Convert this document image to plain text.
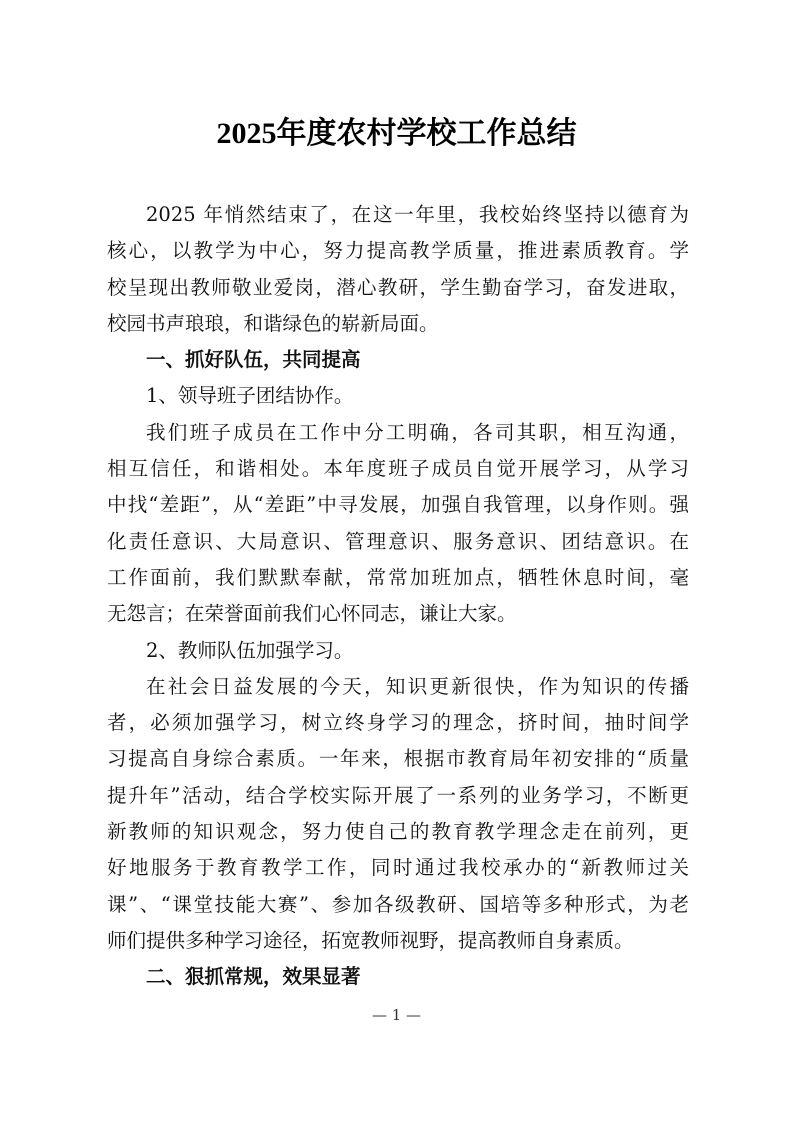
2025年度农村学校工作总结
2025 年悄然结束了，在这一年里，我校始终坚持以德育为
核心，以教学为中心，努力提高教学质量，推进素质教育。学
校呈现出教师敬业爱岗，潜心教研，学生勤奋学习，奋发进取，
校园书声琅琅，和谐绿色的崭新局面。
一、抓好队伍，共同提高
1、领导班子团结协作。
我们班子成员在工作中分工明确，各司其职，相互沟通，
相互信任，和谐相处。本年度班子成员自觉开展学习，从学习
中找“差距”，从“差距”中寻发展，加强自我管理，以身作则。强
化责任意识、大局意识、管理意识、服务意识、团结意识。在
工作面前，我们默默奉献，常常加班加点，牺牲休息时间，毫
无怨言；在荣誉面前我们心怀同志，谦让大家。
2、教师队伍加强学习。
在社会日益发展的今天，知识更新很快，作为知识的传播
者，必须加强学习，树立终身学习的理念，挤时间，抽时间学
习提高自身综合素质。一年来，根据市教育局年初安排的“质量
提升年”活动，结合学校实际开展了一系列的业务学习，不断更
新教师的知识观念，努力使自己的教育教学理念走在前列，更
好地服务于教育教学工作，同时通过我校承办的“新教师过关
课”、“课堂技能大赛”、参加各级教研、国培等多种形式，为老
师们提供多种学习途径，拓宽教师视野，提高教师自身素质。
二、狠抓常规，效果显著
— 1 —
